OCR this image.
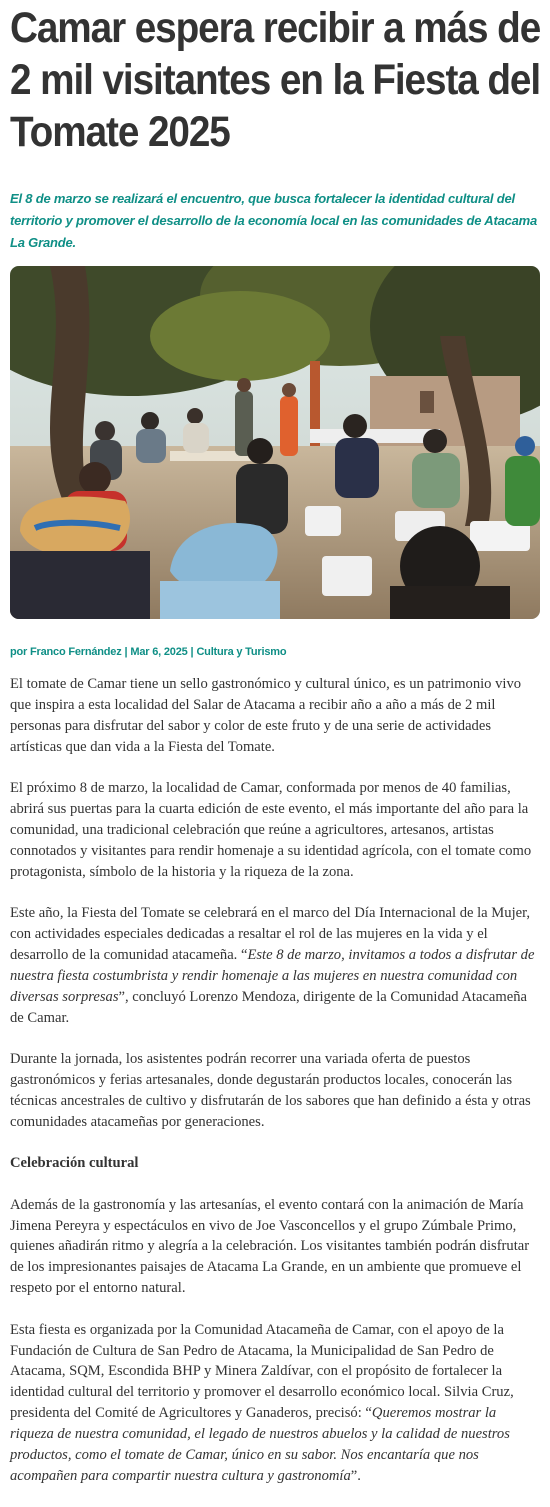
Camar espera recibir a más de 2 mil visitantes en la Fiesta del Tomate 2025

El 8 de marzo se realizará el encuentro, que busca fortalecer la identidad cultural del territorio y promover el desarrollo de la economía local en las comunidades de Atacama La Grande.

por Franco Fernández | Mar 6, 2025 | Cultura y Turismo

El tomate de Camar tiene un sello gastronómico y cultural único, es un patrimonio vivo que inspira a esta localidad del Salar de Atacama a recibir año a año a más de 2 mil personas para disfrutar del sabor y color de este fruto y de una serie de actividades artísticas que dan vida a la Fiesta del Tomate.

El próximo 8 de marzo, la localidad de Camar, conformada por menos de 40 familias, abrirá sus puertas para la cuarta edición de este evento, el más importante del año para la comunidad, una tradicional celebración que reúne a agricultores, artesanos, artistas connotados y visitantes para rendir homenaje a su identidad agrícola, con el tomate como protagonista, símbolo de la historia y la riqueza de la zona.

Este año, la Fiesta del Tomate se celebrará en el marco del Día Internacional de la Mujer, con actividades especiales dedicadas a resaltar el rol de las mujeres en la vida y el desarrollo de la comunidad atacameña. “Este 8 de marzo, invitamos a todos a disfrutar de nuestra fiesta costumbrista y rendir homenaje a las mujeres en nuestra comunidad con diversas sorpresas”, concluyó Lorenzo Mendoza, dirigente de la Comunidad Atacameña de Camar.

Durante la jornada, los asistentes podrán recorrer una variada oferta de puestos gastronómicos y ferias artesanales, donde degustarán productos locales, conocerán las técnicas ancestrales de cultivo y disfrutarán de los sabores que han definido a ésta y otras comunidades atacameñas por generaciones.

Celebración cultural

Además de la gastronomía y las artesanías, el evento contará con la animación de María Jimena Pereyra y espectáculos en vivo de Joe Vasconcellos y el grupo Zúmbale Primo, quienes añadirán ritmo y alegría a la celebración. Los visitantes también podrán disfrutar de los impresionantes paisajes de Atacama La Grande, en un ambiente que promueve el respeto por el entorno natural.

Esta fiesta es organizada por la Comunidad Atacameña de Camar, con el apoyo de la Fundación de Cultura de San Pedro de Atacama, la Municipalidad de San Pedro de Atacama, SQM, Escondida BHP y Minera Zaldívar, con el propósito de fortalecer la identidad cultural del territorio y promover el desarrollo económico local. Silvia Cruz, presidenta del Comité de Agricultores y Ganaderos, precisó: “Queremos mostrar la riqueza de nuestra comunidad, el legado de nuestros abuelos y la calidad de nuestros productos, como el tomate de Camar, único en su sabor. Nos encantaría que nos acompañen para compartir nuestra cultura y gastronomía”.
